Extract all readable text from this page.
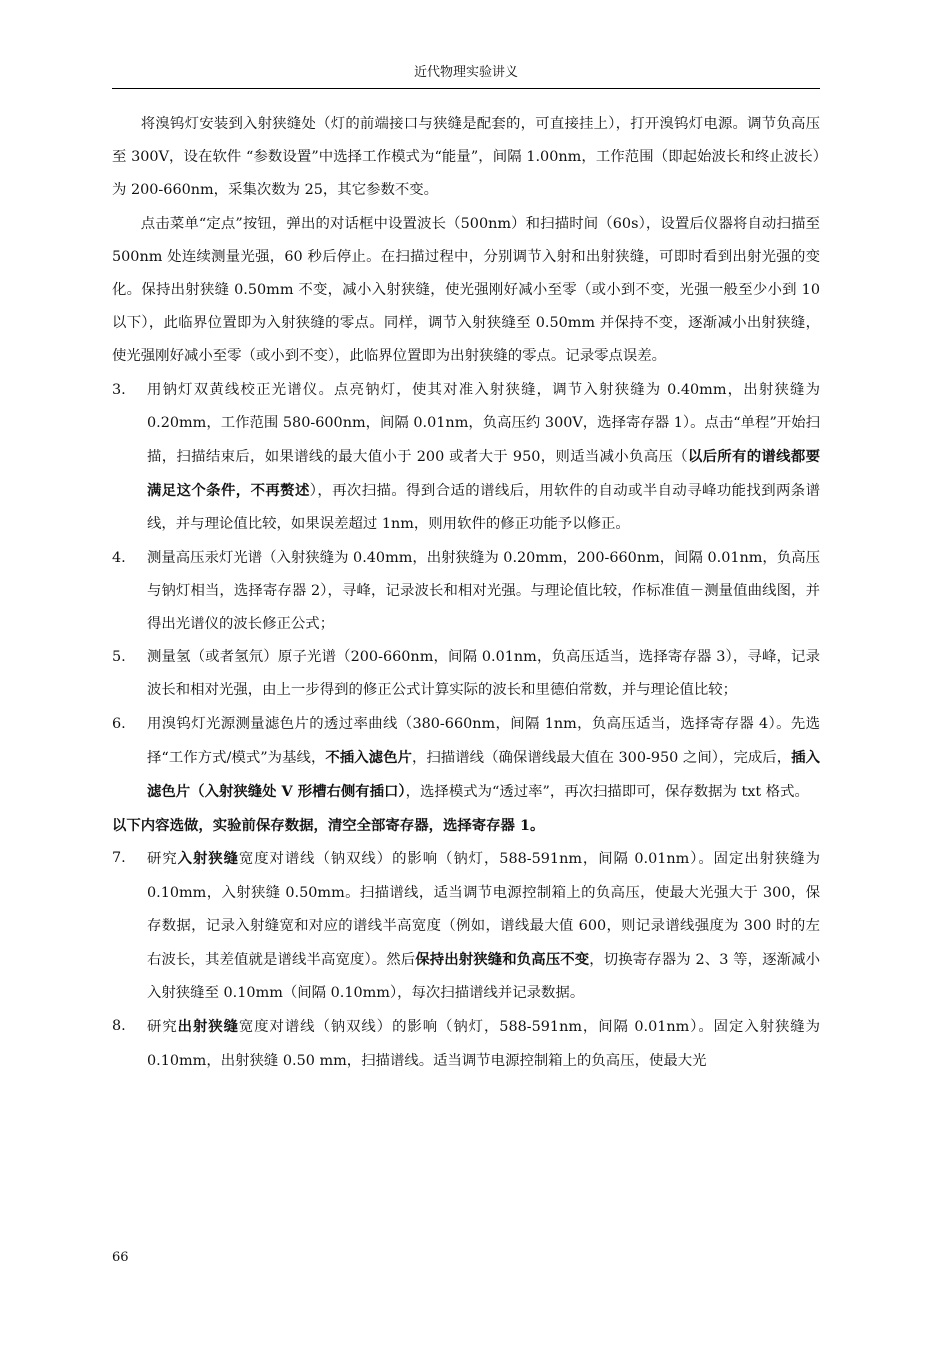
近代物理实验讲义

将溴钨灯安装到入射狭缝处（灯的前端接口与狭缝是配套的，可直接挂上），打开溴钨灯电源。调节负高压至 300V，设在软件 “参数设置”中选择工作模式为“能量”，间隔 1.00nm，工作范围（即起始波长和终止波长）为 200-660nm，采集次数为 25，其它参数不变。

点击菜单“定点”按钮，弹出的对话框中设置波长（500nm）和扫描时间（60s），设置后仪器将自动扫描至 500nm 处连续测量光强，60 秒后停止。在扫描过程中，分别调节入射和出射狭缝，可即时看到出射光强的变化。保持出射狭缝 0.50mm 不变，减小入射狭缝，使光强刚好减小至零（或小到不变，光强一般至少小到 10 以下），此临界位置即为入射狭缝的零点。同样，调节入射狭缝至 0.50mm 并保持不变，逐渐减小出射狭缝，使光强刚好减小至零（或小到不变），此临界位置即为出射狭缝的零点。记录零点误差。

3. 用钠灯双黄线校正光谱仪。点亮钠灯，使其对准入射狭缝，调节入射狭缝为 0.40mm，出射狭缝为 0.20mm，工作范围 580-600nm，间隔 0.01nm，负高压约 300V，选择寄存器 1）。点击“单程”开始扫描，扫描结束后，如果谱线的最大值小于 200 或者大于 950，则适当减小负高压（以后所有的谱线都要满足这个条件，不再赘述），再次扫描。得到合适的谱线后，用软件的自动或半自动寻峰功能找到两条谱线，并与理论值比较，如果误差超过 1nm，则用软件的修正功能予以修正。
4. 测量高压汞灯光谱（入射狭缝为 0.40mm，出射狭缝为 0.20mm，200-660nm，间隔 0.01nm，负高压与钠灯相当，选择寄存器 2），寻峰，记录波长和相对光强。与理论值比较，作标准值－测量值曲线图，并得出光谱仪的波长修正公式；
5. 测量氢（或者氢氘）原子光谱（200-660nm，间隔 0.01nm，负高压适当，选择寄存器 3），寻峰，记录波长和相对光强，由上一步得到的修正公式计算实际的波长和里德伯常数，并与理论值比较；
6. 用溴钨灯光源测量滤色片的透过率曲线（380-660nm，间隔 1nm，负高压适当，选择寄存器 4）。先选择“工作方式/模式”为基线，不插入滤色片，扫描谱线（确保谱线最大值在 300-950 之间），完成后，插入滤色片（入射狭缝处 V 形槽右侧有插口），选择模式为“透过率”，再次扫描即可，保存数据为 txt 格式。

以下内容选做，实验前保存数据，清空全部寄存器，选择寄存器 1。

7. 研究入射狭缝宽度对谱线（钠双线）的影响（钠灯，588-591nm，间隔 0.01nm）。固定出射狭缝为 0.10mm，入射狭缝 0.50mm。扫描谱线，适当调节电源控制箱上的负高压，使最大光强大于 300，保存数据，记录入射缝宽和对应的谱线半高宽度（例如，谱线最大值 600，则记录谱线强度为 300 时的左右波长，其差值就是谱线半高宽度）。然后保持出射狭缝和负高压不变，切换寄存器为 2、3 等，逐渐减小入射狭缝至 0.10mm（间隔 0.10mm），每次扫描谱线并记录数据。
8. 研究出射狭缝宽度对谱线（钠双线）的影响（钠灯，588-591nm，间隔 0.01nm）。固定入射狭缝为 0.10mm，出射狭缝 0.50 mm，扫描谱线。适当调节电源控制箱上的负高压，使最大光
66
